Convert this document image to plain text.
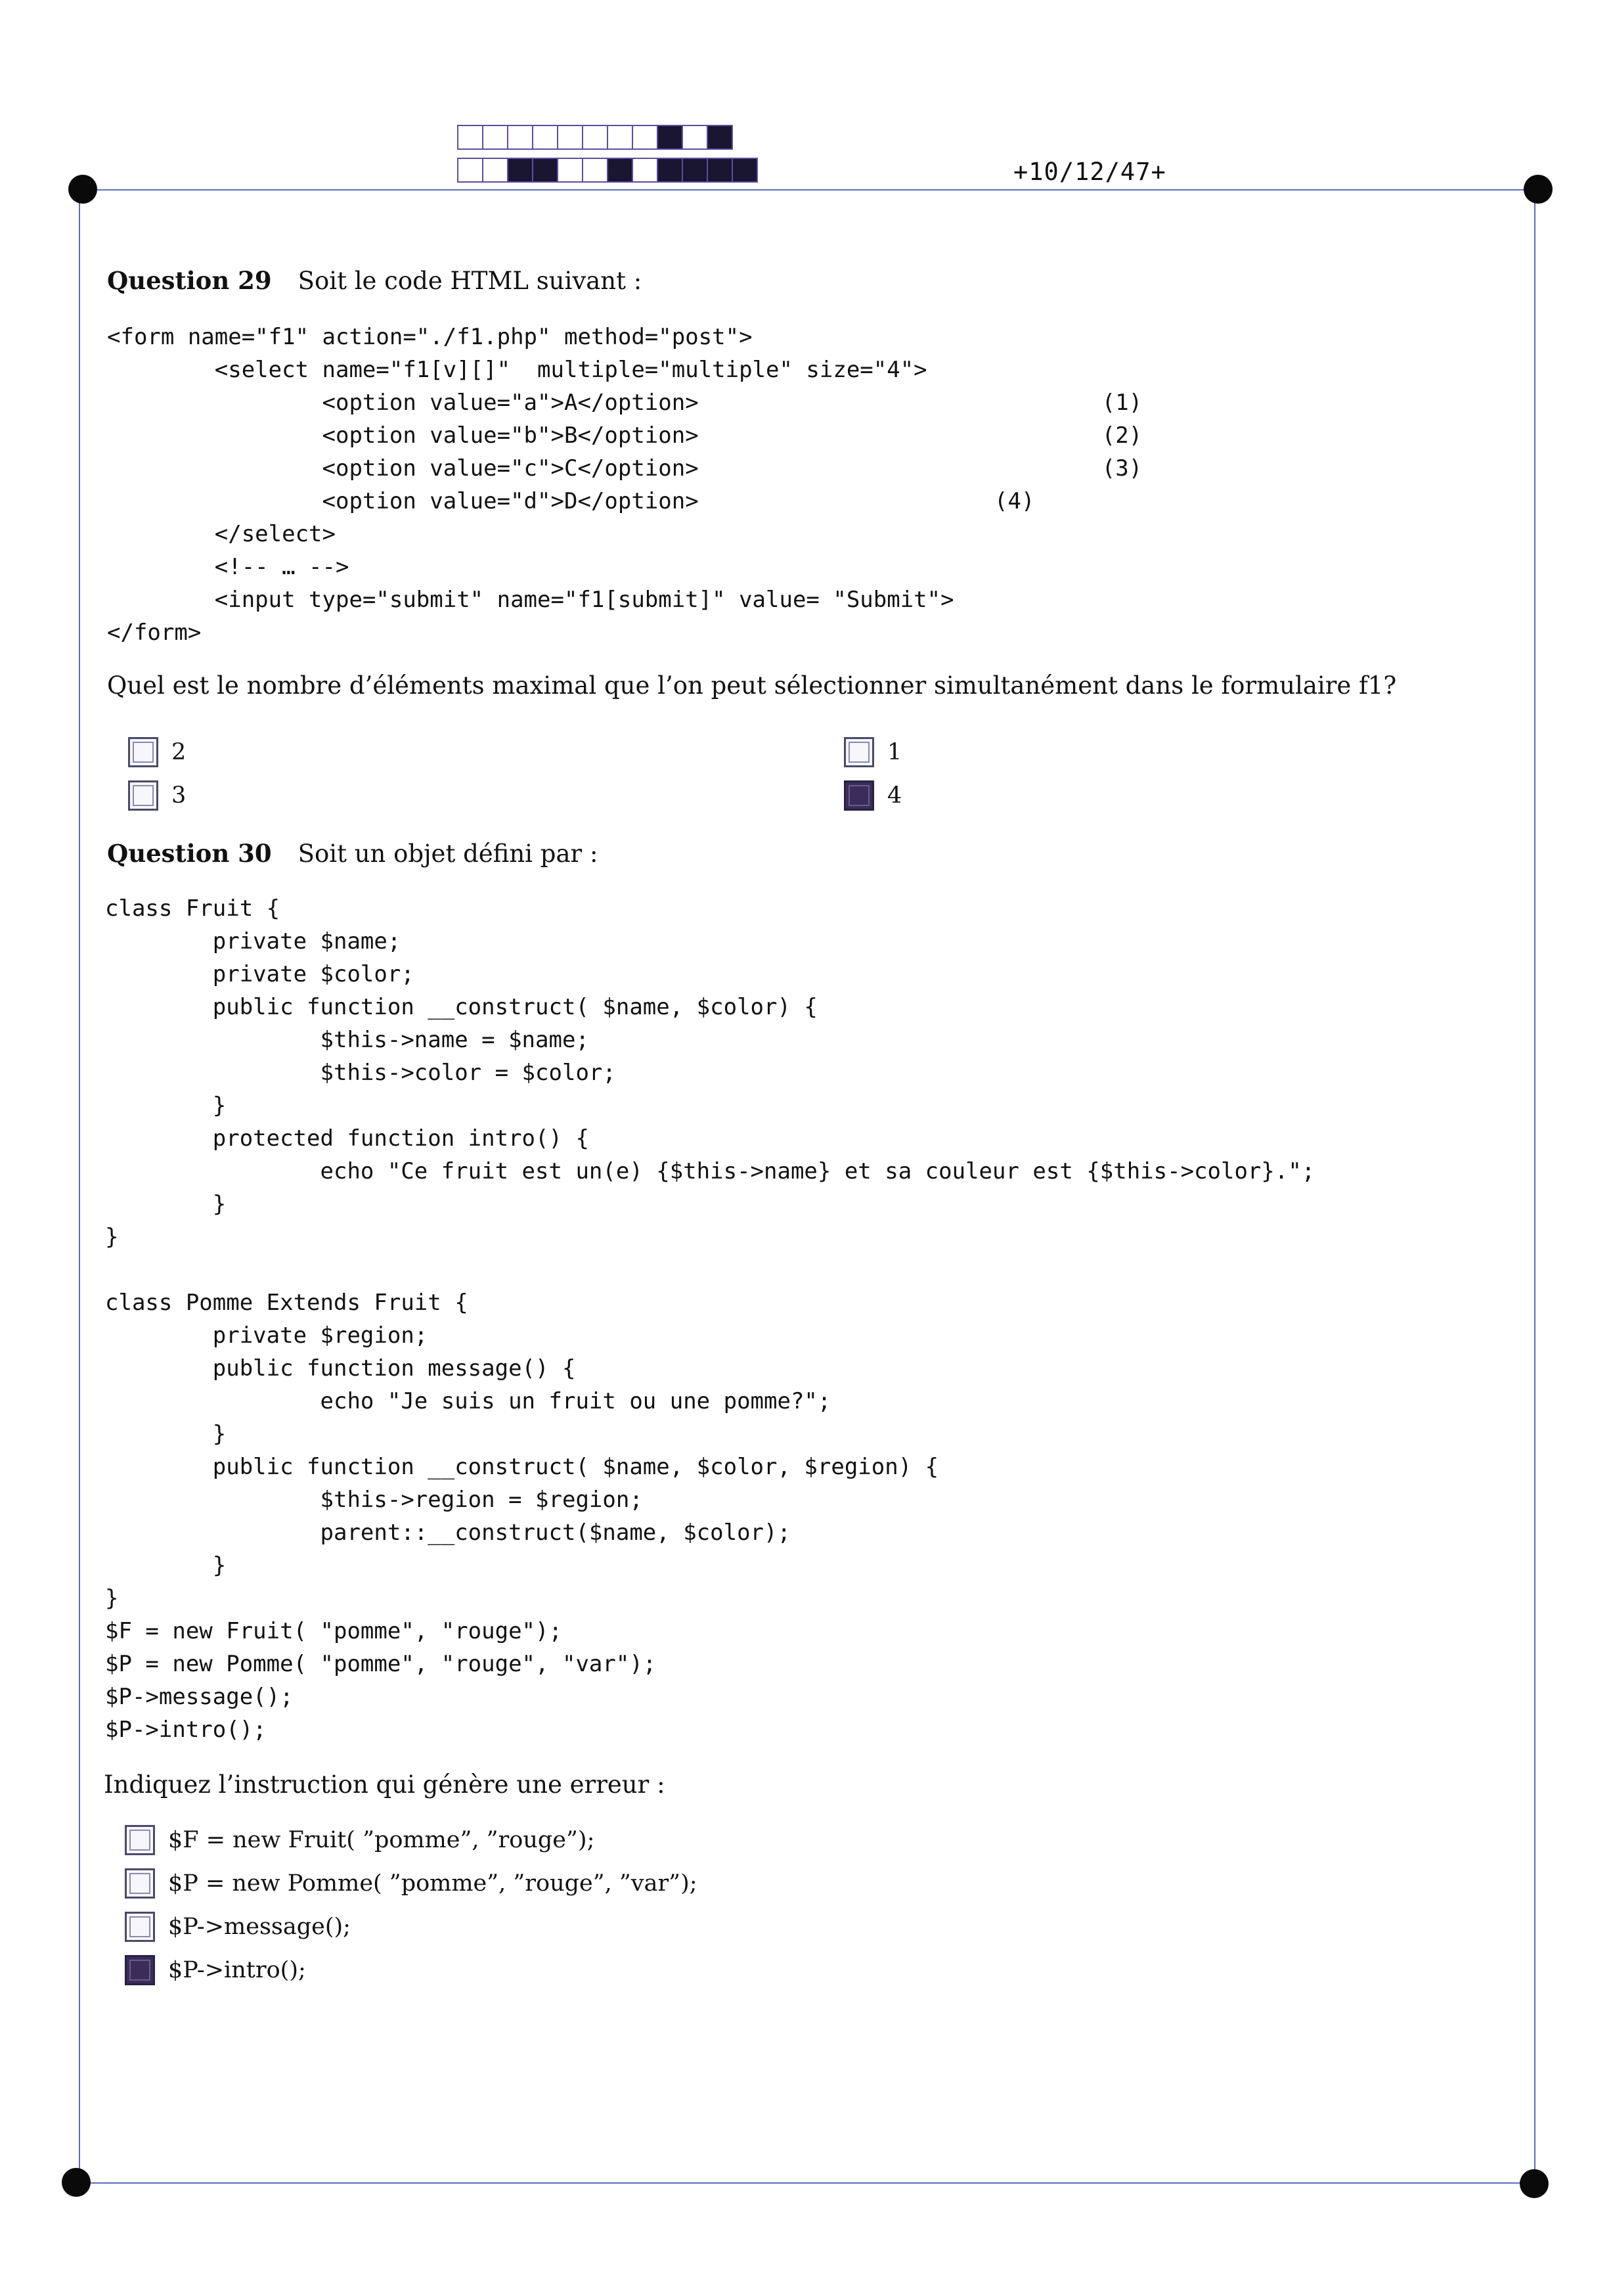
+10/12/47+
Question 29 Soit le code HTML suivant :
<form name="f1" action="./f1.php" method="post">
<select name="f1[v][]"  multiple="multiple" size="4">
<option value="a">A</option>                              (1)
<option value="b">B</option>                              (2)
<option value="c">C</option>                              (3)
<option value="d">D</option>                      (4)
</select>
<!-- … -->
<input type="submit" name="f1[submit]" value= "Submit">
</form>
Quel est le nombre d’éléments maximal que l’on peut sélectionner simultanément dans le formulaire f1?
2	1
3	4
Question 30 Soit un objet défini par :
class Fruit {
private $name;
private $color;
public function __construct( $name, $color) {
$this->name = $name;
$this->color = $color;
}
protected function intro() {
echo "Ce fruit est un(e) {$this->name} et sa couleur est {$this->color}.";
}
}
class Pomme Extends Fruit {
private $region;
public function message() {
echo "Je suis un fruit ou une pomme?";
}
public function __construct( $name, $color, $region) {
$this->region = $region;
parent::__construct($name, $color);
}
}
$F = new Fruit( "pomme", "rouge");
$P = new Pomme( "pomme", "rouge", "var");
$P->message();
$P->intro();
Indiquez l’instruction qui génère une erreur :
$F = new Fruit( ”pomme”, ”rouge”);
$P = new Pomme( ”pomme”, ”rouge”, ”var”);
$P->message();
$P->intro();
